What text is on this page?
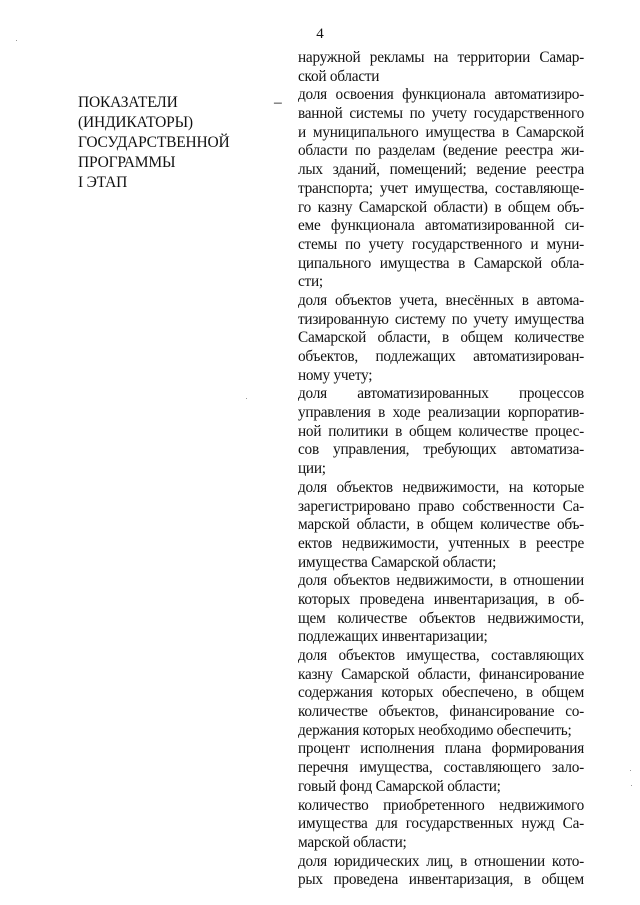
4
ПОКАЗАТЕЛИ
(ИНДИКАТОРЫ)
ГОСУДАРСТВЕННОЙ
ПРОГРАММЫ
I ЭТАП
–
наружной рекламы на территории Самар-
ской области
доля освоения функционала автоматизиро-
ванной системы по учету государственного
и муниципального имущества в Самарской
области по разделам (ведение реестра жи-
лых зданий, помещений; ведение реестра
транспорта; учет имущества, составляюще-
го казну Самарской области) в общем объ-
еме функционала автоматизированной си-
стемы по учету государственного и муни-
ципального имущества в Самарской обла-
сти;
доля объектов учета, внесённых в автома-
тизированную систему по учету имущества
Самарской области, в общем количестве
объектов, подлежащих автоматизирован-
ному учету;
доля автоматизированных процессов
управления в ходе реализации корпоратив-
ной политики в общем количестве процес-
сов управления, требующих автоматиза-
ции;
доля объектов недвижимости, на которые
зарегистрировано право собственности Са-
марской области, в общем количестве объ-
ектов недвижимости, учтенных в реестре
имущества Самарской области;
доля объектов недвижимости, в отношении
которых проведена инвентаризация, в об-
щем количестве объектов недвижимости,
подлежащих инвентаризации;
доля объектов имущества, составляющих
казну Самарской области, финансирование
содержания которых обеспечено, в общем
количестве объектов, финансирование со-
держания которых необходимо обеспечить;
процент исполнения плана формирования
перечня имущества, составляющего зало-
говый фонд Самарской области;
количество приобретенного недвижимого
имущества для государственных нужд Са-
марской области;
доля юридических лиц, в отношении кото-
рых проведена инвентаризация, в общем
